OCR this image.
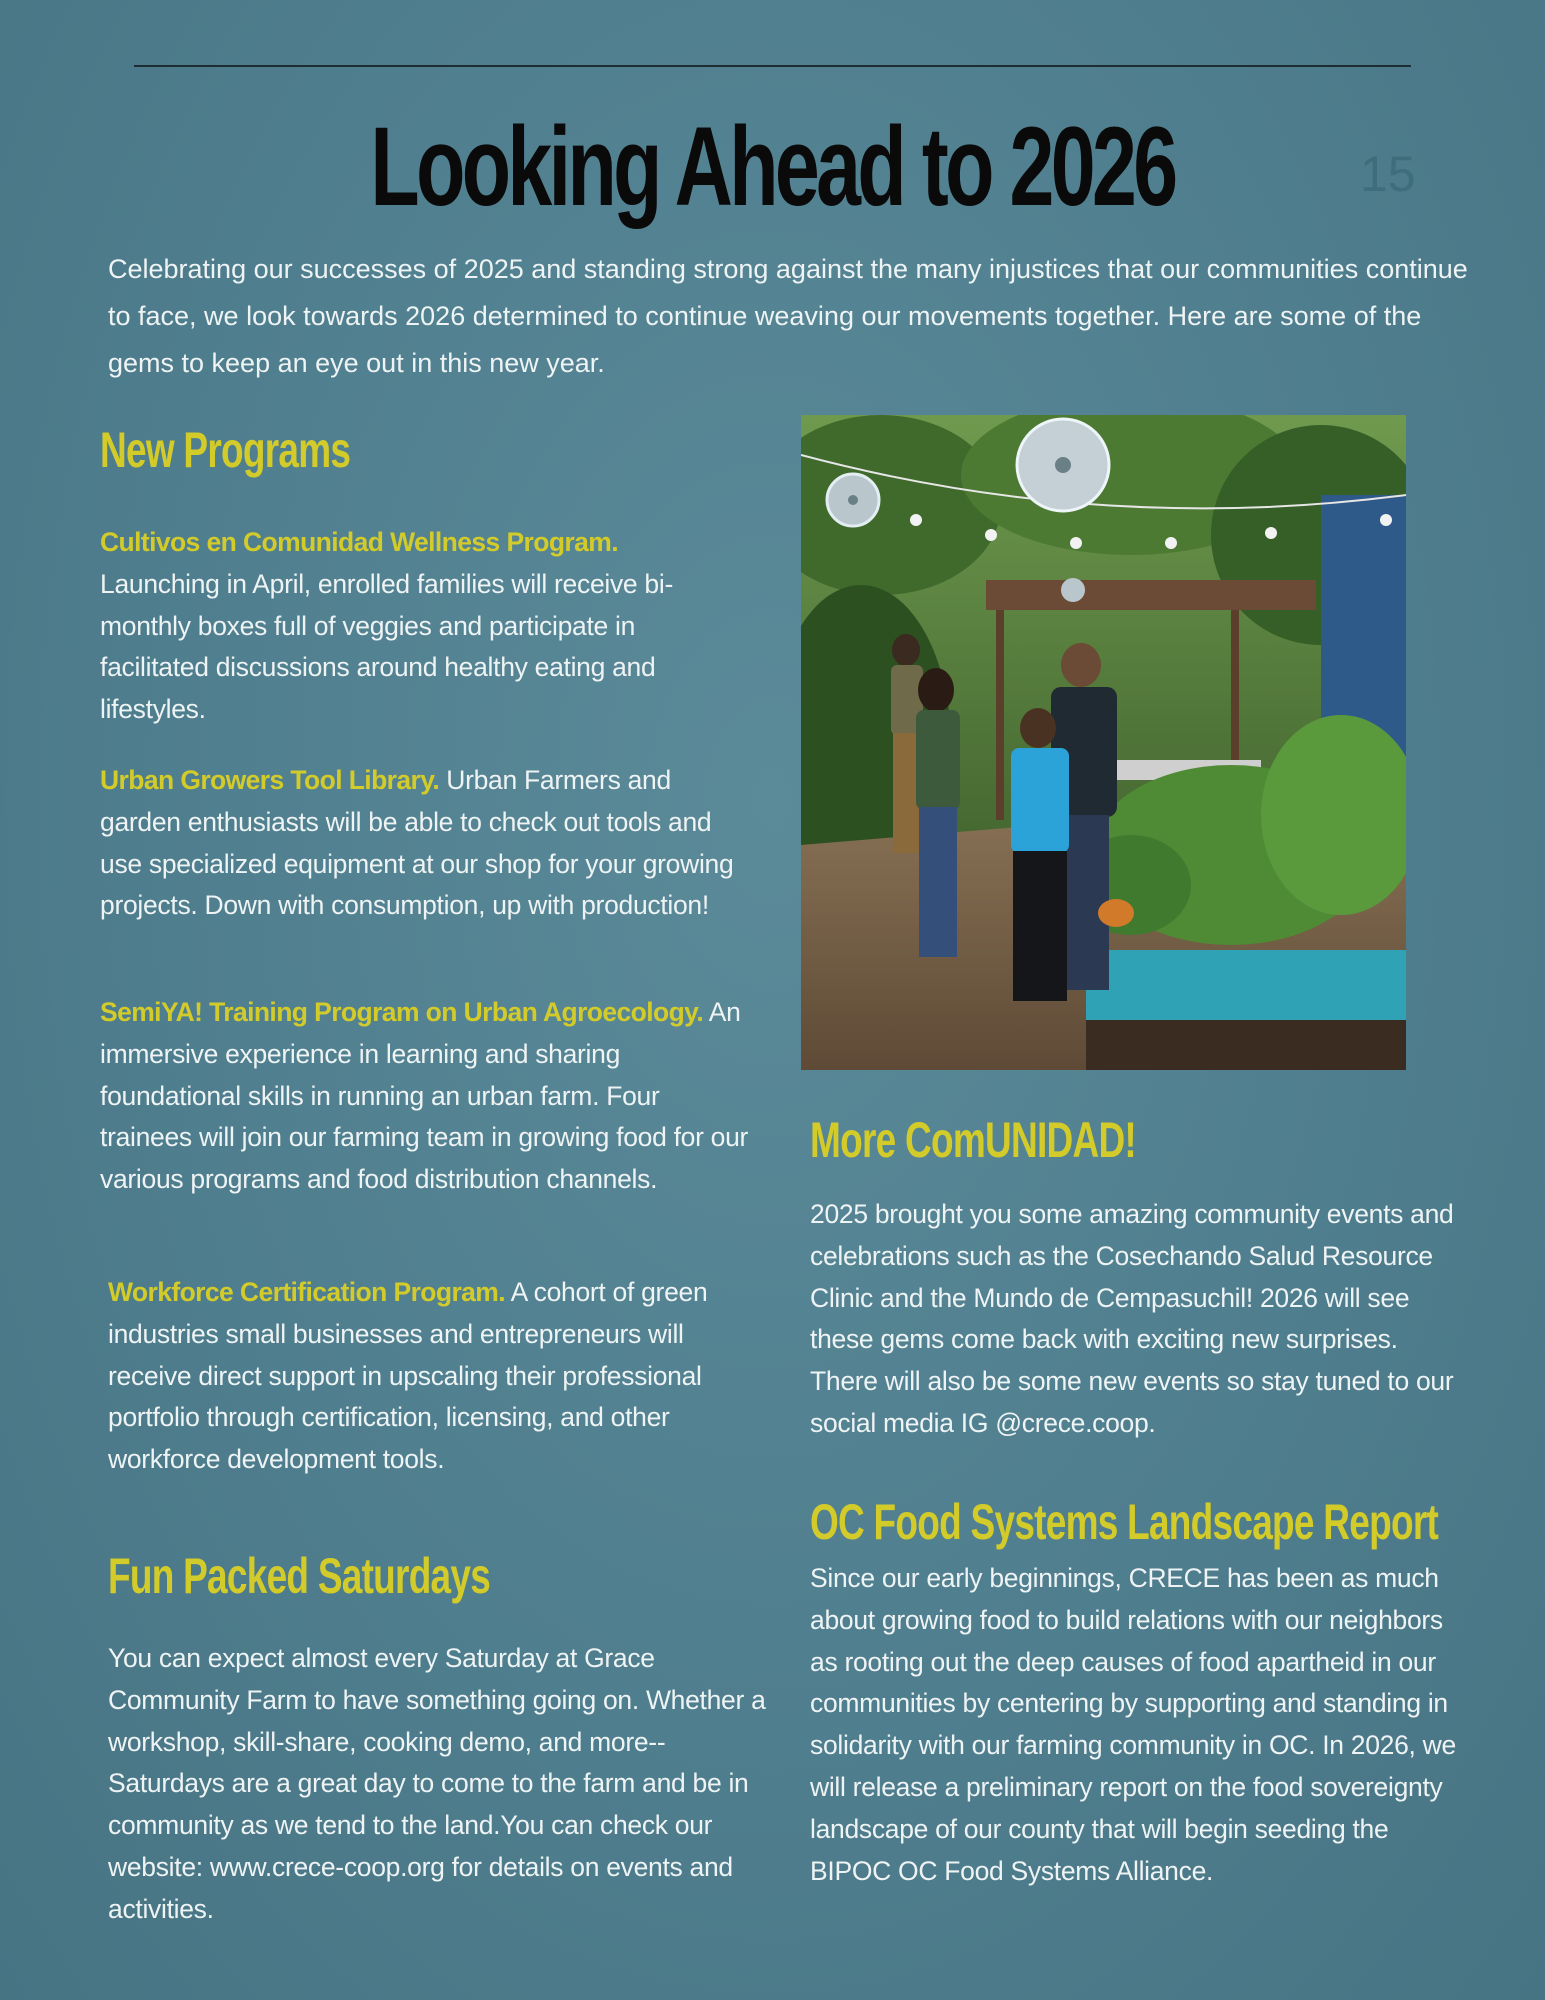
Looking Ahead to 2026	15

Celebrating our successes of 2025 and standing strong against the many injustices that our communities continue to face, we look towards 2026 determined to continue weaving our movements together. Here are some of the gems to keep an eye out in this new year.

New Programs

Cultivos en Comunidad Wellness Program. Launching in April, enrolled families will receive bi-monthly boxes full of veggies and participate in facilitated discussions around healthy eating and lifestyles.

Urban Growers Tool Library. Urban Farmers and garden enthusiasts will be able to check out tools and use specialized equipment at our shop for your growing projects. Down with consumption, up with production!

SemiYA! Training Program on Urban Agroecology. An immersive experience in learning and sharing foundational skills in running an urban farm. Four trainees will join our farming team in growing food for our various programs and food distribution channels.

Workforce Certification Program. A cohort of green industries small businesses and entrepreneurs will receive direct support in upscaling their professional portfolio through certification, licensing, and other workforce development tools.

Fun Packed Saturdays

You can expect almost every Saturday at Grace Community Farm to have something going on. Whether a workshop, skill-share, cooking demo, and more-- Saturdays are a great day to come to the farm and be in community as we tend to the land.You can check our website: www.crece-coop.org for details on events and activities.

More ComUNIDAD!

2025 brought you some amazing community events and celebrations such as the Cosechando Salud Resource Clinic and the Mundo de Cempasuchil! 2026 will see these gems come back with exciting new surprises. There will also be some new events so stay tuned to our social media IG @crece.coop.

OC Food Systems Landscape Report

Since our early beginnings, CRECE has been as much about growing food to build relations with our neighbors as rooting out the deep causes of food apartheid in our communities by centering by supporting and standing in solidarity with our farming community in OC. In 2026, we will release a preliminary report on the food sovereignty landscape of our county that will begin seeding the BIPOC OC Food Systems Alliance.
